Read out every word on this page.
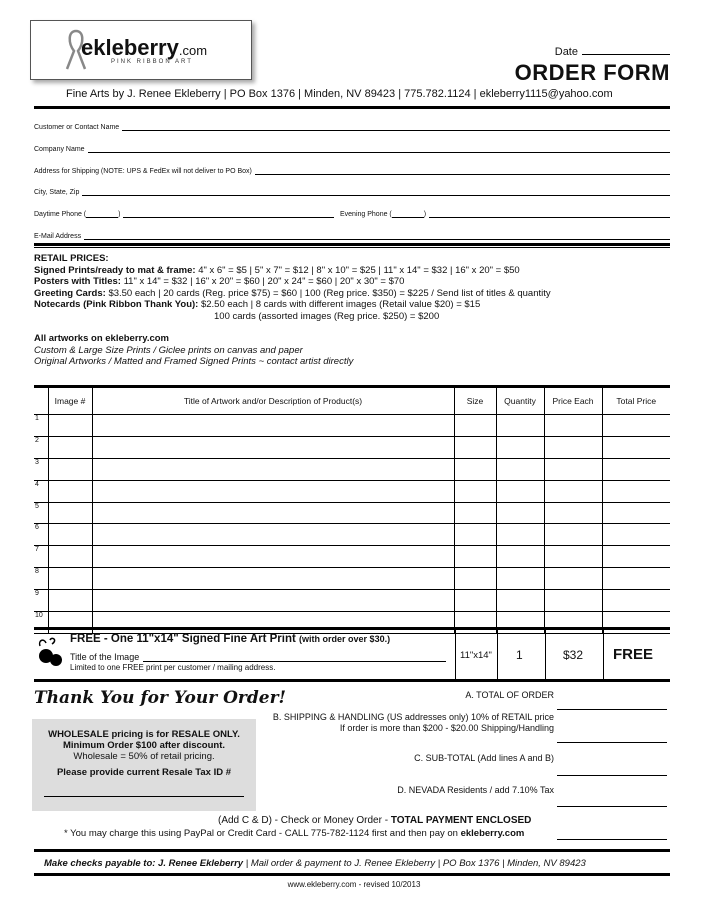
ekleberry.com
PINK RIBBON ART
Date
ORDER FORM
Fine Arts by J. Renee Ekleberry | PO Box 1376 | Minden, NV 89423 | 775.782.1124 | ekleberry1115@yahoo.com
Customer or Contact Name
Company Name
Address for Shipping (NOTE: UPS & FedEx will not deliver to PO Box)
City, State, Zip
Daytime Phone (	)	Evening Phone (	)
E-Mail Address
RETAIL PRICES:
Signed Prints/ready to mat & frame: 4" x 6" = $5 | 5" x 7" = $12 | 8" x 10" = $25 | 11" x 14" = $32 | 16" x 20" = $50
Posters with Titles: 11" x 14" = $32 | 16" x 20" = $60 | 20" x 24" = $60 | 20" x 30" = $70
Greeting Cards: $3.50 each | 20 cards (Reg. price $75) = $60 | 100 (Reg price. $350) = $225 / Send list of titles & quantity
Notecards (Pink Ribbon Thank You): $2.50 each | 8 cards with different images (Retail value $20) = $15
100 cards (assorted images (Reg price. $250) = $200
All artworks on ekleberry.com
Custom & Large Size Prints / Giclee prints on canvas and paper
Original Artworks / Matted and Framed Signed Prints ~ contact artist directly
	Image #	Title of Artwork and/or Description of Product(s)	Size	Quantity	Price Each	Total Price
1						
2						
3						
4						
5						
6						
7						
8						
9						
10						
FREE - One 11"x14" Signed Fine Art Print (with order over $30.)
Title of the Image
Limited to one FREE print per customer / mailing address.
11"x14" 1	$32 FREE
Thank You for Your Order!	A. TOTAL OF ORDER
B. SHIPPING & HANDLING (US addresses only) 10% of RETAIL price
If order is more than $200 - $20.00 Shipping/Handling
C. SUB-TOTAL (Add lines A and B)
D. NEVADA Residents / add 7.10% Tax
WHOLESALE pricing is for RESALE ONLY.
Minimum Order $100 after discount.
Wholesale = 50% of retail pricing.
Please provide current Resale Tax ID #
(Add C & D) - Check or Money Order - TOTAL PAYMENT ENCLOSED
* You may charge this using PayPal or Credit Card - CALL 775-782-1124 first and then pay on ekleberry.com
Make checks payable to: J. Renee Ekleberry | Mail order & payment to J. Renee Ekleberry | PO Box 1376 | Minden, NV 89423
www.ekleberry.com - revised 10/2013
